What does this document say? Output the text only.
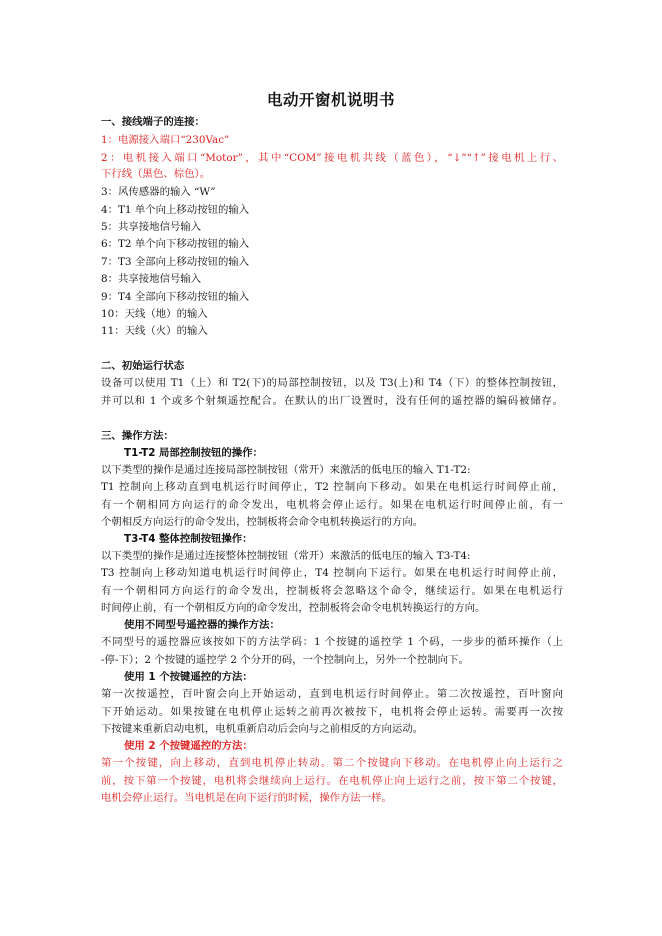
电动开窗机说明书
一、接线端子的连接：
1：电源接入端口“230Vac”
2：电机接入端口“Motor”，其中“COM”接电机共线（蓝色），“↓”“↑”接电机上行、
下行线（黑色、棕色）。
3：风传感器的输入 “W”
4：T1 单个向上移动按钮的输入
5：共享接地信号输入
6：T2 单个向下移动按钮的输入
7：T3 全部向上移动按钮的输入
8：共享接地信号输入
9：T4 全部向下移动按钮的输入
10：天线（地）的输入
11：天线（火）的输入
二、初始运行状态
设备可以使用 T1（上）和 T2(下)的局部控制按钮，以及 T3(上)和 T4（下）的整体控制按钮，
并可以和 1 个或多个射频遥控配合。在默认的出厂设置时，没有任何的遥控器的编码被储存。
三、操作方法：
T1-T2 局部控制按钮的操作：
以下类型的操作是通过连接局部控制按钮（常开）来激活的低电压的输入 T1-T2:
T1 控制向上移动直到电机运行时间停止，T2 控制向下移动。如果在电机运行时间停止前，
有一个朝相同方向运行的命令发出，电机将会停止运行。如果在电机运行时间停止前，有一
个朝相反方向运行的命令发出，控制板将会命令电机转换运行的方向。
T3-T4 整体控制按钮操作：
以下类型的操作是通过连接整体控制按钮（常开）来激活的低电压的输入 T3-T4:
T3 控制向上移动知道电机运行时间停止，T4 控制向下运行。如果在电机运行时间停止前，
有一个朝相同方向运行的命令发出，控制板将会忽略这个命令，继续运行。如果在电机运行
时间停止前，有一个朝相反方向的命令发出，控制板将会命令电机转换运行的方向。
使用不同型号遥控器的操作方法：
不同型号的遥控器应该按如下的方法学码：1 个按键的遥控学 1 个码，一步步的循环操作（上
-停-下）；2 个按键的遥控学 2 个分开的码，一个控制向上，另外一个控制向下。
使用 1 个按键遥控的方法：
第一次按遥控，百叶窗会向上开始运动，直到电机运行时间停止。第二次按遥控，百叶窗向
下开始运动。如果按键在电机停止运转之前再次被按下，电机将会停止运转。需要再一次按
下按键来重新启动电机，电机重新启动后会向与之前相反的方向运动。
使用 2 个按键遥控的方法：
第一个按键，向上移动，直到电机停止转动。第二个按键向下移动。在电机停止向上运行之
前，按下第一个按键，电机将会继续向上运行。在电机停止向上运行之前，按下第二个按键，
电机会停止运行。当电机是在向下运行的时候，操作方法一样。
